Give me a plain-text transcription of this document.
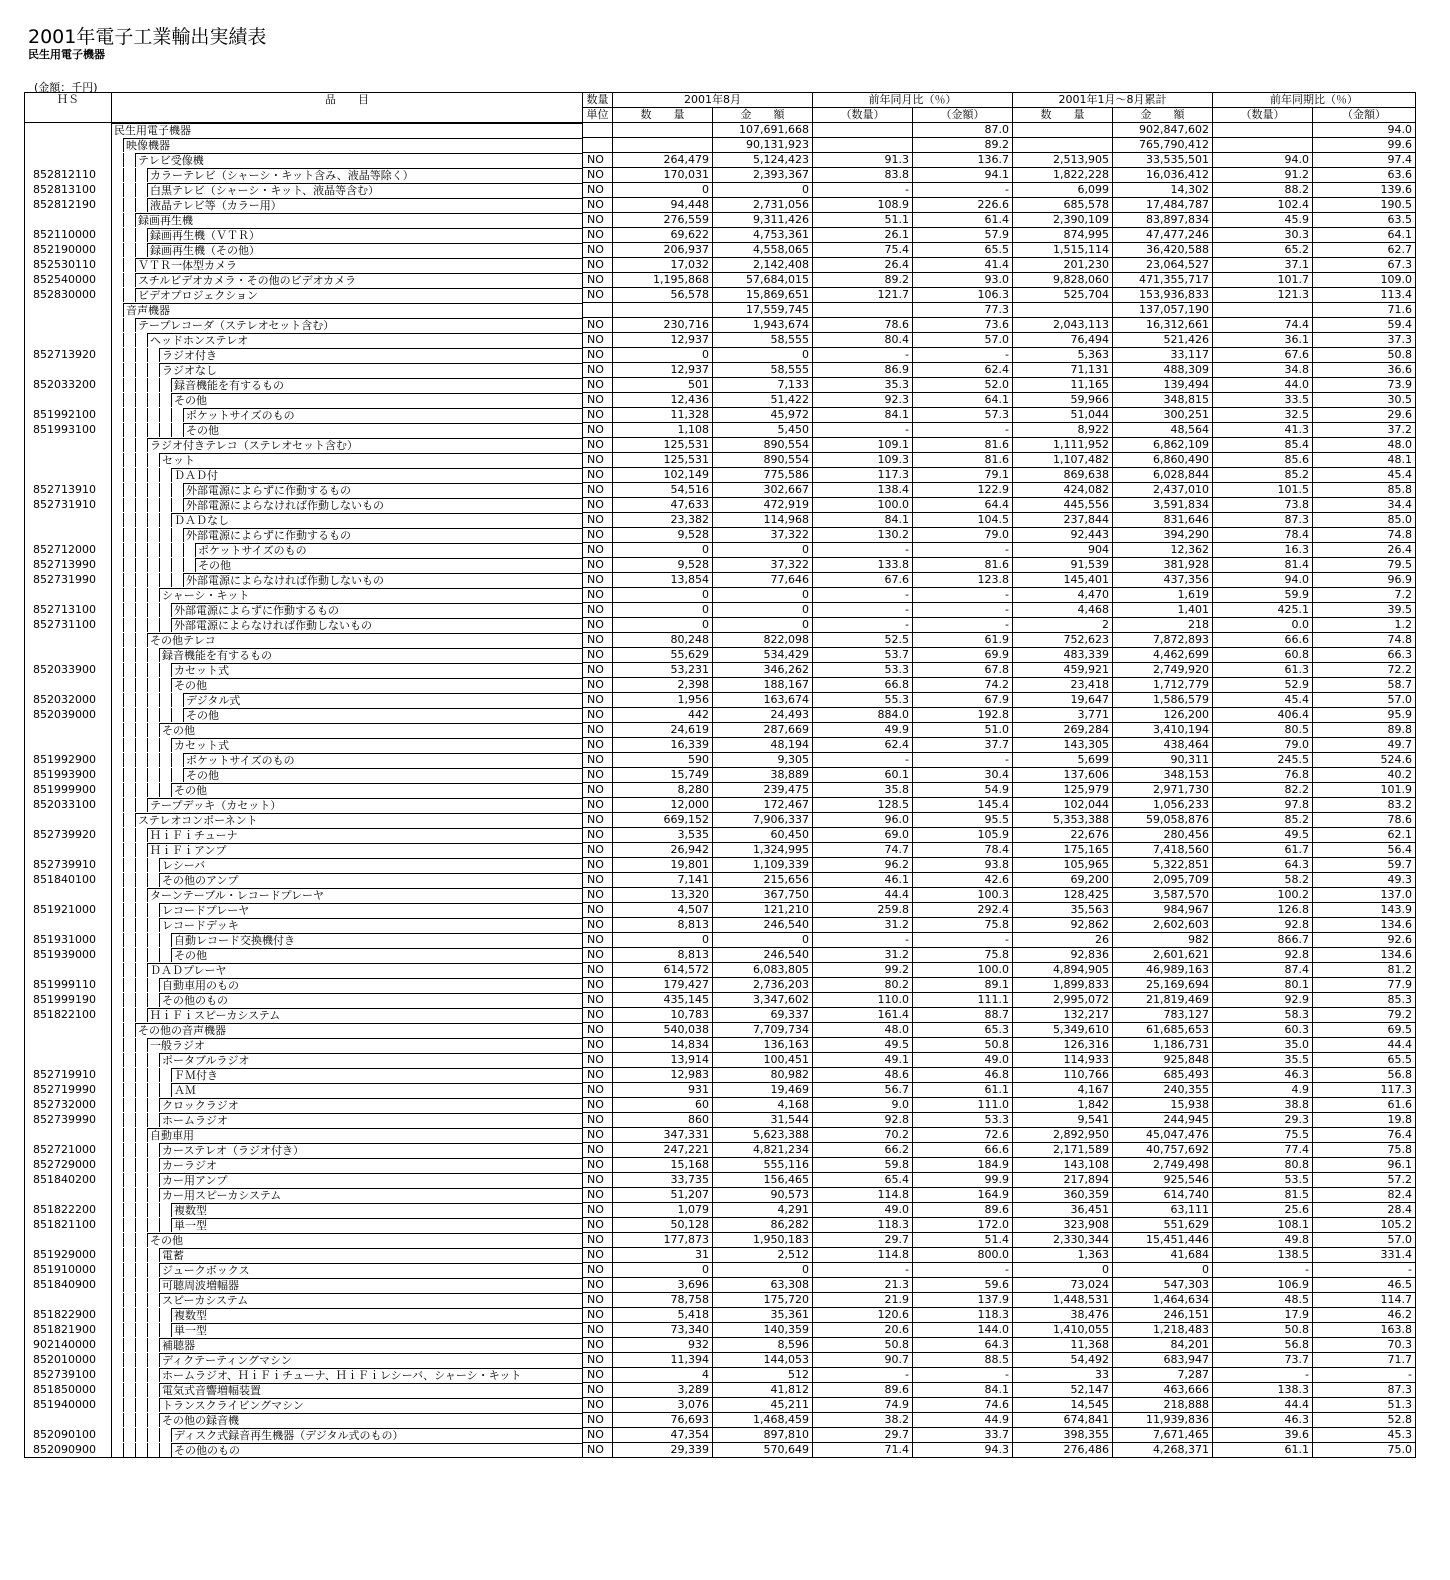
2001年電子工業輸出実績表
民生用電子機器
(金額：千円)
ＨＳ	品　　目	数量	2001年8月		前年同月比（％）		2001年1月～8月累計		前年同期比（％）	
		単位	数　　量	金　　額	（数量）	（金額）	数　　量	金　　額	（数量）	（金額）

	民生用電子機器			107,691,668		87.0		902,847,602		94.0

	映像機器			90,131,923		89.2		765,790,412		99.6

	テレビ受像機	NO	264,479	5,124,423	91.3	136.7	2,513,905	33,535,501	94.0	97.4
852812110	カラーテレビ（シャーシ・キット含み、液晶等除く）	NO	170,031	2,393,367	83.8	94.1	1,822,228	16,036,412	91.2	63.6
852813100	白黒テレビ（シャーシ・キット、液晶等含む）	NO	0	0	-	-	6,099	14,302	88.2	139.6
852812190	液晶テレビ等（カラー用）	NO	94,448	2,731,056	108.9	226.6	685,578	17,484,787	102.4	190.5

	録画再生機	NO	276,559	9,311,426	51.1	61.4	2,390,109	83,897,834	45.9	63.5
852110000	録画再生機（ＶＴＲ）	NO	69,622	4,753,361	26.1	57.9	874,995	47,477,246	30.3	64.1
852190000	録画再生機（その他）	NO	206,937	4,558,065	75.4	65.5	1,515,114	36,420,588	65.2	62.7
852530110	ＶＴＲ一体型カメラ	NO	17,032	2,142,408	26.4	41.4	201,230	23,064,527	37.1	67.3
852540000	スチルビデオカメラ・その他のビデオカメラ	NO	1,195,868	57,684,015	89.2	93.0	9,828,060	471,355,717	101.7	109.0
852830000	ビデオプロジェクション	NO	56,578	15,869,651	121.7	106.3	525,704	153,936,833	121.3	113.4

	音声機器			17,559,745		77.3		137,057,190		71.6

	テープレコーダ（ステレオセット含む）	NO	230,716	1,943,674	78.6	73.6	2,043,113	16,312,661	74.4	59.4

	ヘッドホンステレオ	NO	12,937	58,555	80.4	57.0	76,494	521,426	36.1	37.3
852713920	ラジオ付き	NO	0	0	-	-	5,363	33,117	67.6	50.8

	ラジオなし	NO	12,937	58,555	86.9	62.4	71,131	488,309	34.8	36.6
852033200	録音機能を有するもの	NO	501	7,133	35.3	52.0	11,165	139,494	44.0	73.9

	その他	NO	12,436	51,422	92.3	64.1	59,966	348,815	33.5	30.5
851992100	ポケットサイズのもの	NO	11,328	45,972	84.1	57.3	51,044	300,251	32.5	29.6
851993100	その他	NO	1,108	5,450	-	-	8,922	48,564	41.3	37.2

	ラジオ付きテレコ（ステレオセット含む）	NO	125,531	890,554	109.1	81.6	1,111,952	6,862,109	85.4	48.0

	セット	NO	125,531	890,554	109.3	81.6	1,107,482	6,860,490	85.6	48.1

	ＤＡＤ付	NO	102,149	775,586	117.3	79.1	869,638	6,028,844	85.2	45.4
852713910	外部電源によらずに作動するもの	NO	54,516	302,667	138.4	122.9	424,082	2,437,010	101.5	85.8
852731910	外部電源によらなければ作動しないもの	NO	47,633	472,919	100.0	64.4	445,556	3,591,834	73.8	34.4

	ＤＡＤなし	NO	23,382	114,968	84.1	104.5	237,844	831,646	87.3	85.0

	外部電源によらずに作動するもの	NO	9,528	37,322	130.2	79.0	92,443	394,290	78.4	74.8
852712000	ポケットサイズのもの	NO	0	0	-	-	904	12,362	16.3	26.4
852713990	その他	NO	9,528	37,322	133.8	81.6	91,539	381,928	81.4	79.5
852731990	外部電源によらなければ作動しないもの	NO	13,854	77,646	67.6	123.8	145,401	437,356	94.0	96.9

	シャーシ・キット	NO	0	0	-	-	4,470	1,619	59.9	7.2
852713100	外部電源によらずに作動するもの	NO	0	0	-	-	4,468	1,401	425.1	39.5
852731100	外部電源によらなければ作動しないもの	NO	0	0	-	-	2	218	0.0	1.2

	その他テレコ	NO	80,248	822,098	52.5	61.9	752,623	7,872,893	66.6	74.8

	録音機能を有するもの	NO	55,629	534,429	53.7	69.9	483,339	4,462,699	60.8	66.3
852033900	カセット式	NO	53,231	346,262	53.3	67.8	459,921	2,749,920	61.3	72.2

	その他	NO	2,398	188,167	66.8	74.2	23,418	1,712,779	52.9	58.7
852032000	デジタル式	NO	1,956	163,674	55.3	67.9	19,647	1,586,579	45.4	57.0
852039000	その他	NO	442	24,493	884.0	192.8	3,771	126,200	406.4	95.9

	その他	NO	24,619	287,669	49.9	51.0	269,284	3,410,194	80.5	89.8

	カセット式	NO	16,339	48,194	62.4	37.7	143,305	438,464	79.0	49.7
851992900	ポケットサイズのもの	NO	590	9,305	-	-	5,699	90,311	245.5	524.6
851993900	その他	NO	15,749	38,889	60.1	30.4	137,606	348,153	76.8	40.2
851999900	その他	NO	8,280	239,475	35.8	54.9	125,979	2,971,730	82.2	101.9
852033100	テープデッキ（カセット）	NO	12,000	172,467	128.5	145.4	102,044	1,056,233	97.8	83.2

	ステレオコンポーネント	NO	669,152	7,906,337	96.0	95.5	5,353,388	59,058,876	85.2	78.6
852739920	ＨｉＦｉチューナ	NO	3,535	60,450	69.0	105.9	22,676	280,456	49.5	62.1

	ＨｉＦｉアンプ	NO	26,942	1,324,995	74.7	78.4	175,165	7,418,560	61.7	56.4
852739910	レシーバ	NO	19,801	1,109,339	96.2	93.8	105,965	5,322,851	64.3	59.7
851840100	その他のアンプ	NO	7,141	215,656	46.1	42.6	69,200	2,095,709	58.2	49.3

	ターンテーブル・レコードプレーヤ	NO	13,320	367,750	44.4	100.3	128,425	3,587,570	100.2	137.0
851921000	レコードプレーヤ	NO	4,507	121,210	259.8	292.4	35,563	984,967	126.8	143.9

	レコードデッキ	NO	8,813	246,540	31.2	75.8	92,862	2,602,603	92.8	134.6
851931000	自動レコード交換機付き	NO	0	0	-	-	26	982	866.7	92.6
851939000	その他	NO	8,813	246,540	31.2	75.8	92,836	2,601,621	92.8	134.6

	ＤＡＤプレーヤ	NO	614,572	6,083,805	99.2	100.0	4,894,905	46,989,163	87.4	81.2
851999110	自動車用のもの	NO	179,427	2,736,203	80.2	89.1	1,899,833	25,169,694	80.1	77.9
851999190	その他のもの	NO	435,145	3,347,602	110.0	111.1	2,995,072	21,819,469	92.9	85.3
851822100	ＨｉＦｉスピーカシステム	NO	10,783	69,337	161.4	88.7	132,217	783,127	58.3	79.2

	その他の音声機器	NO	540,038	7,709,734	48.0	65.3	5,349,610	61,685,653	60.3	69.5

	一般ラジオ	NO	14,834	136,163	49.5	50.8	126,316	1,186,731	35.0	44.4

	ポータブルラジオ	NO	13,914	100,451	49.1	49.0	114,933	925,848	35.5	65.5
852719910	ＦＭ付き	NO	12,983	80,982	48.6	46.8	110,766	685,493	46.3	56.8
852719990	ＡＭ	NO	931	19,469	56.7	61.1	4,167	240,355	4.9	117.3
852732000	クロックラジオ	NO	60	4,168	9.0	111.0	1,842	15,938	38.8	61.6
852739990	ホームラジオ	NO	860	31,544	92.8	53.3	9,541	244,945	29.3	19.8

	自動車用	NO	347,331	5,623,388	70.2	72.6	2,892,950	45,047,476	75.5	76.4
852721000	カーステレオ（ラジオ付き）	NO	247,221	4,821,234	66.2	66.6	2,171,589	40,757,692	77.4	75.8
852729000	カーラジオ	NO	15,168	555,116	59.8	184.9	143,108	2,749,498	80.8	96.1
851840200	カー用アンプ	NO	33,735	156,465	65.4	99.9	217,894	925,546	53.5	57.2

	カー用スピーカシステム	NO	51,207	90,573	114.8	164.9	360,359	614,740	81.5	82.4
851822200	複数型	NO	1,079	4,291	49.0	89.6	36,451	63,111	25.6	28.4
851821100	単一型	NO	50,128	86,282	118.3	172.0	323,908	551,629	108.1	105.2

	その他	NO	177,873	1,950,183	29.7	51.4	2,330,344	15,451,446	49.8	57.0
851929000	電蓄	NO	31	2,512	114.8	800.0	1,363	41,684	138.5	331.4
851910000	ジュークボックス	NO	0	0	-	-	0	0	-	-
851840900	可聴周波増幅器	NO	3,696	63,308	21.3	59.6	73,024	547,303	106.9	46.5

	スピーカシステム	NO	78,758	175,720	21.9	137.9	1,448,531	1,464,634	48.5	114.7
851822900	複数型	NO	5,418	35,361	120.6	118.3	38,476	246,151	17.9	46.2
851821900	単一型	NO	73,340	140,359	20.6	144.0	1,410,055	1,218,483	50.8	163.8
902140000	補聴器	NO	932	8,596	50.8	64.3	11,368	84,201	56.8	70.3
852010000	ディクテーティングマシン	NO	11,394	144,053	90.7	88.5	54,492	683,947	73.7	71.7
852739100	ホームラジオ、ＨｉＦｉチューナ、ＨｉＦｉレシーバ、シャーシ・キット	NO	4	512	-	-	33	7,287	-	-
851850000	電気式音響増幅装置	NO	3,289	41,812	89.6	84.1	52,147	463,666	138.3	87.3
851940000	トランスクライビングマシン	NO	3,076	45,211	74.9	74.6	14,545	218,888	44.4	51.3

	その他の録音機	NO	76,693	1,468,459	38.2	44.9	674,841	11,939,836	46.3	52.8
852090100	ディスク式録音再生機器（デジタル式のもの）	NO	47,354	897,810	29.7	33.7	398,355	7,671,465	39.6	45.3
852090900	その他のもの	NO	29,339	570,649	71.4	94.3	276,486	4,268,371	61.1	75.0
